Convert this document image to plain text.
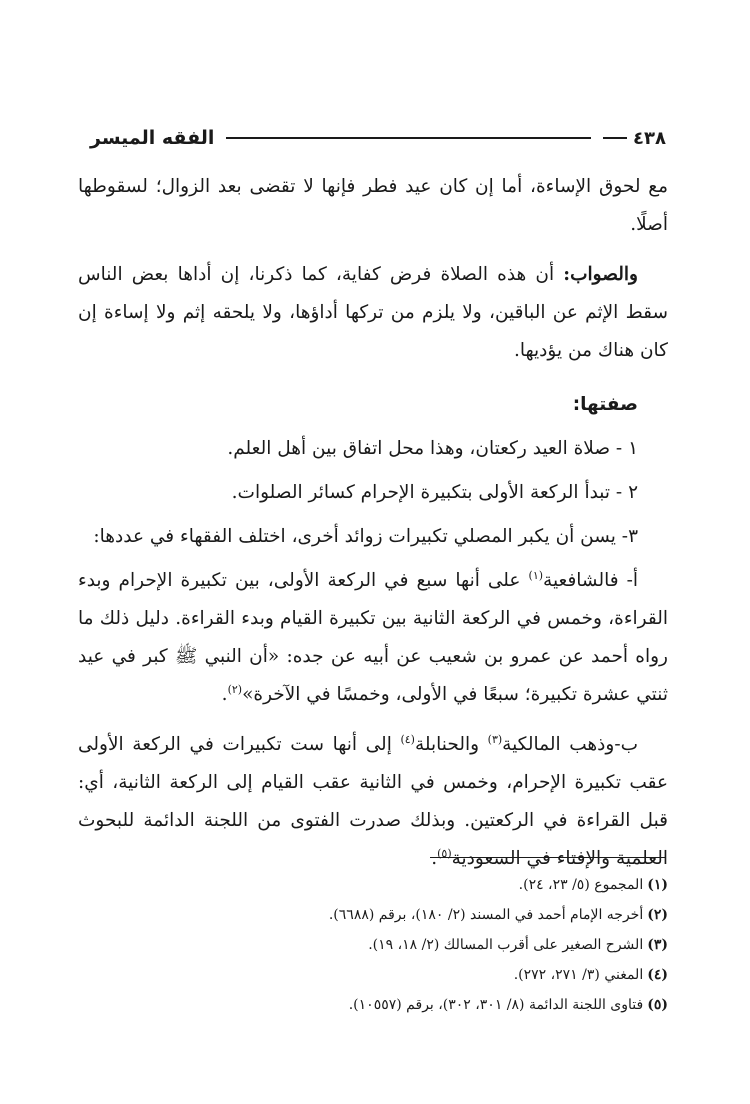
٤٣٨
الفقه الميسر

مع لحوق الإساءة، أما إن كان عيد فطر فإنها لا تقضى بعد الزوال؛ لسقوطها أصلًا.

والصواب: أن هذه الصلاة فرض كفاية، كما ذكرنا، إن أداها بعض الناس سقط الإثم عن الباقين، ولا يلزم من تركها أداؤها، ولا يلحقه إثم ولا إساءة إن كان هناك من يؤديها.

صفتها:

١ - صلاة العيد ركعتان، وهذا محل اتفاق بين أهل العلم.

٢ - تبدأ الركعة الأولى بتكبيرة الإحرام كسائر الصلوات.

٣- يسن أن يكبر المصلي تكبيرات زوائد أخرى، اختلف الفقهاء في عددها:

أ- فالشافعية$^{(١)}$ على أنها سبع في الركعة الأولى، بين تكبيرة الإحرام وبدء القراءة، وخمس في الركعة الثانية بين تكبيرة القيام وبدء القراءة. دليل ذلك ما رواه أحمد عن عمرو بن شعيب عن أبيه عن جده: «أن النبي ﷺ كبر في عيد ثنتي عشرة تكبيرة؛ سبعًا في الأولى، وخمسًا في الآخرة»$^{(٢)}$.

ب-وذهب المالكية$^{(٣)}$ والحنابلة$^{(٤)}$ إلى أنها ست تكبيرات في الركعة الأولى عقب تكبيرة الإحرام، وخمس في الثانية عقب القيام إلى الركعة الثانية، أي: قبل القراءة في الركعتين. وبذلك صدرت الفتوى من اللجنة الدائمة للبحوث العلمية والإفتاء في السعودية$^{(٥)}$.

(١)المجموع (٥/ ٢٣، ٢٤).

(٢)أخرجه الإمام أحمد في المسند (٢/ ١٨٠)، برقم (٦٦٨٨).

(٣)الشرح الصغير على أقرب المسالك (٢/ ١٨، ١٩).

(٤)المغني (٣/ ٢٧١، ٢٧٢).

(٥)فتاوى اللجنة الدائمة (٨/ ٣٠١، ٣٠٢)، برقم (١٠٥٥٧).
